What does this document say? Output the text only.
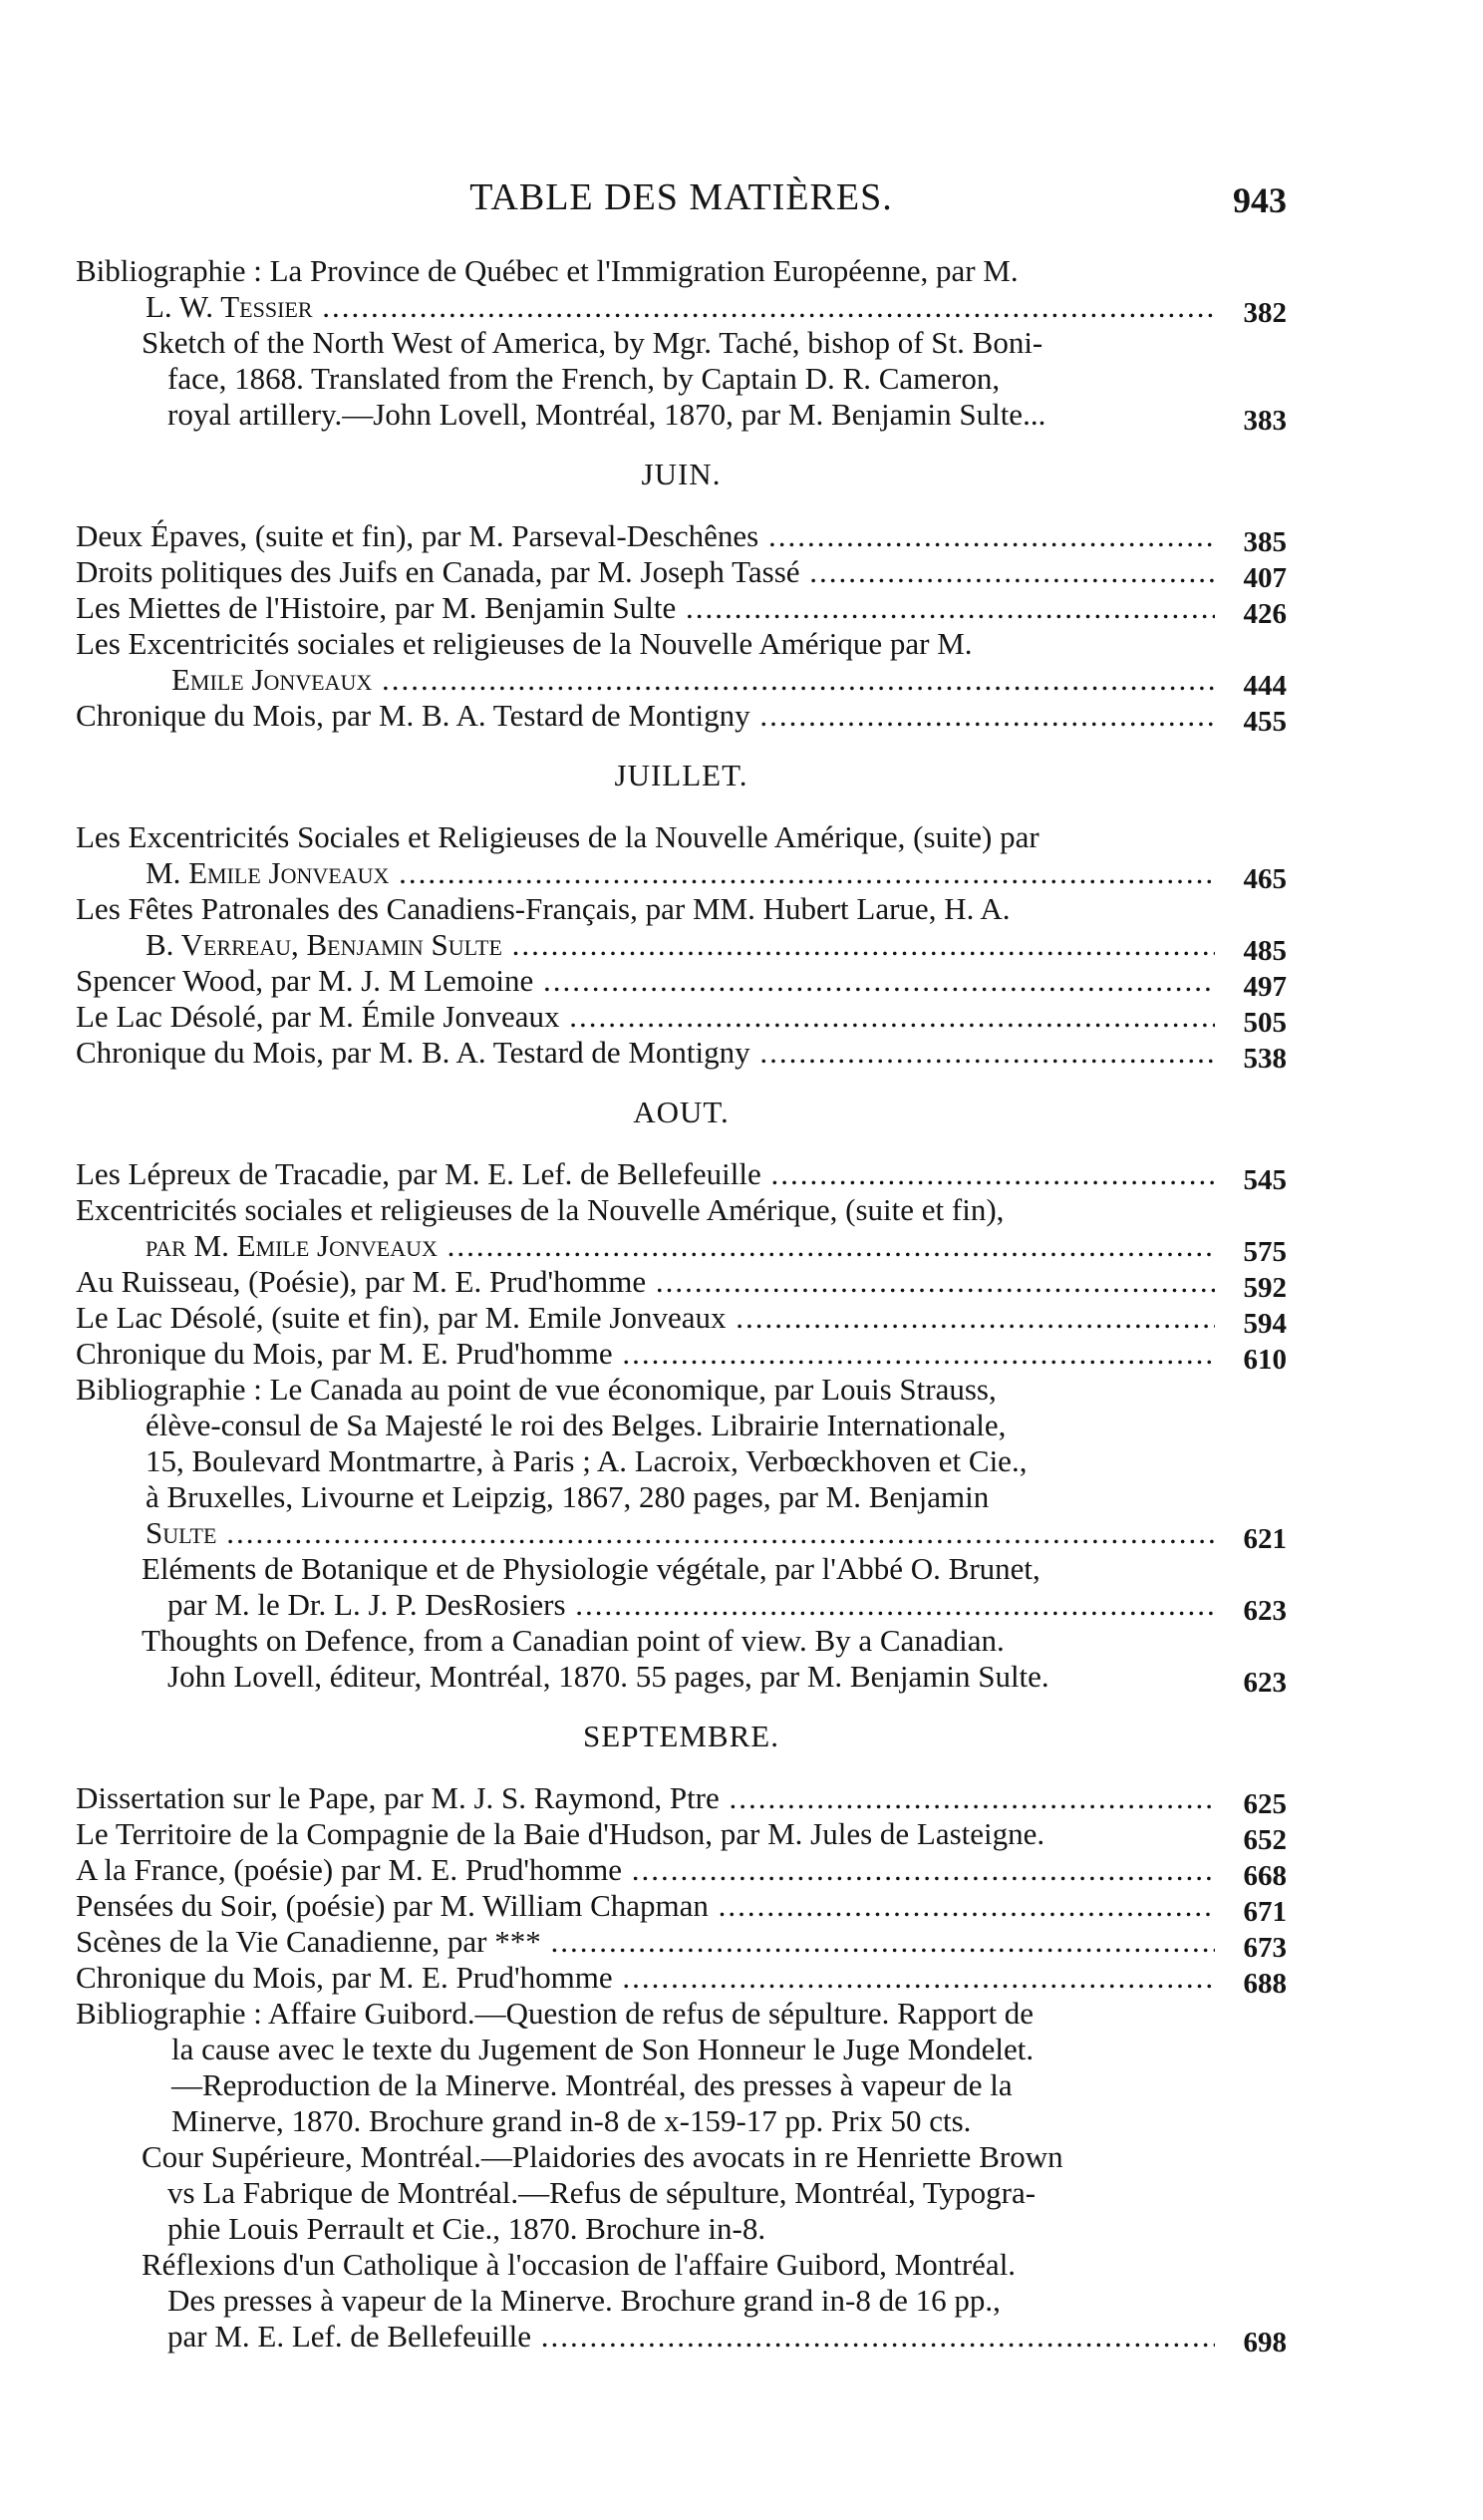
TABLE DES MATIÈRES.	943
Bibliographie : La Province de Québec et l'Immigration Européenne, par M.
L. W. Tessier .....	382
Sketch of the North West of America, by Mgr. Taché, bishop of St. Boni-
face, 1868. Translated from the French, by Captain D. R. Cameron,
royal artillery.—John Lovell, Montréal, 1870, par M. Benjamin Sulte...	383
JUIN.
Deux Épaves, (suite et fin), par M. Parseval-Deschênes .....	385
Droits politiques des Juifs en Canada, par M. Joseph Tassé .....	407
Les Miettes de l'Histoire, par M. Benjamin Sulte .....	426
Les Excentricités sociales et religieuses de la Nouvelle Amérique par M.
Emile Jonveaux .....	444
Chronique du Mois, par M. B. A. Testard de Montigny .....	455
JUILLET.
Les Excentricités Sociales et Religieuses de la Nouvelle Amérique, (suite) par
M. Emile Jonveaux .....	465
Les Fêtes Patronales des Canadiens-Français, par MM. Hubert Larue, H. A.
B. Verreau, Benjamin Sulte .....	485
Spencer Wood, par M. J. M Lemoine .....	497
Le Lac Désolé, par M. Émile Jonveaux .....	505
Chronique du Mois, par M. B. A. Testard de Montigny .....	538
AOUT.
Les Lépreux de Tracadie, par M. E. Lef. de Bellefeuille .....	545
Excentricités sociales et religieuses de la Nouvelle Amérique, (suite et fin),
par M. Emile Jonveaux .....	575
Au Ruisseau, (Poésie), par M. E. Prud'homme .....	592
Le Lac Désolé, (suite et fin), par M. Emile Jonveaux .....	594
Chronique du Mois, par M. E. Prud'homme .....	610
Bibliographie : Le Canada au point de vue économique, par Louis Strauss,
élève-consul de Sa Majesté le roi des Belges. Librairie Internationale,
15, Boulevard Montmartre, à Paris ; A. Lacroix, Verbœckhoven et Cie.,
à Bruxelles, Livourne et Leipzig, 1867, 280 pages, par M. Benjamin
Sulte .....	621
Eléments de Botanique et de Physiologie végétale, par l'Abbé O. Brunet,
par M. le Dr. L. J. P. DesRosiers .....	623
Thoughts on Defence, from a Canadian point of view. By a Canadian.
John Lovell, éditeur, Montréal, 1870. 55 pages, par M. Benjamin Sulte.	623
SEPTEMBRE.
Dissertation sur le Pape, par M. J. S. Raymond, Ptre .....	625
Le Territoire de la Compagnie de la Baie d'Hudson, par M. Jules de Lasteigne.	652
A la France, (poésie) par M. E. Prud'homme .....	668
Pensées du Soir, (poésie) par M. William Chapman .....	671
Scènes de la Vie Canadienne, par *** .....	673
Chronique du Mois, par M. E. Prud'homme .....	688
Bibliographie : Affaire Guibord.—Question de refus de sépulture. Rapport de
la cause avec le texte du Jugement de Son Honneur le Juge Mondelet.
—Reproduction de la Minerve. Montréal, des presses à vapeur de la
Minerve, 1870. Brochure grand in-8 de x-159-17 pp. Prix 50 cts.
Cour Supérieure, Montréal.—Plaidories des avocats in re Henriette Brown
vs La Fabrique de Montréal.—Refus de sépulture, Montréal, Typogra-
phie Louis Perrault et Cie., 1870. Brochure in-8.
Réflexions d'un Catholique à l'occasion de l'affaire Guibord, Montréal.
Des presses à vapeur de la Minerve. Brochure grand in-8 de 16 pp.,
par M. E. Lef. de Bellefeuille .....	698
